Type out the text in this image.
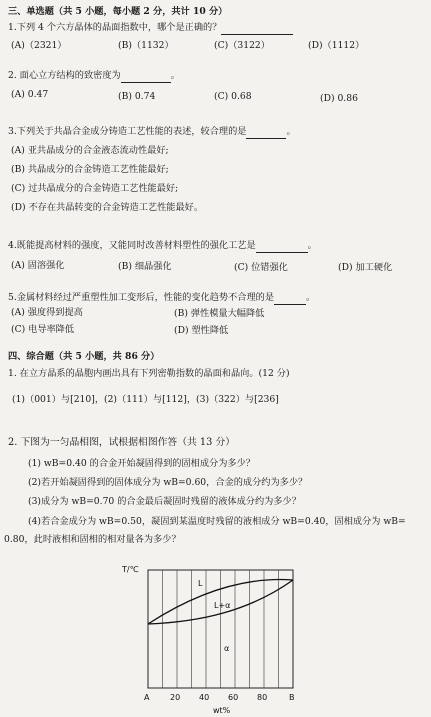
三、单选题（共 5 小题，每小题 2 分，共计 10 分）
1.下列 4 个六方晶体的晶面指数中，哪个是正确的？
(A)（2321）	(B)（1132）	(C)（3122）	(D)（1112）
2. 面心立方结构的致密度为	。
(A) 0.47	(B) 0.74	(C) 0.68	(D) 0.86
3.下列关于共晶合金成分铸造工艺性能的表述，较合理的是	。
(A) 亚共晶成分的合金液态流动性最好;
(B) 共晶成分的合金铸造工艺性能最好;
(C) 过共晶成分的合金铸造工艺性能最好;
(D) 不存在共晶转变的合金铸造工艺性能最好。
4.既能提高材料的强度，又能同时改善材料塑性的强化工艺是	。
(A) 固溶强化	(B) 细晶强化	(C) 位错强化	(D) 加工硬化
5.金属材料经过严重塑性加工变形后，性能的变化趋势不合理的是	。
(A) 强度得到提高	(B) 弹性模量大幅降低
(C) 电导率降低	(D) 塑性降低
四、综合题（共 5 小题，共 86 分）
1. 在立方晶系的晶胞内画出具有下列密勒指数的晶面和晶向。(12 分)
(1)（001）与[210]，(2)（111）与[112]，(3)（322）与[236]
2. 下图为一匀晶相图，试根据相图作答（共 13 分）
(1) wB=0.40 的合金开始凝固得到的固相成分为多少？
(2)若开始凝固得到的固体成分为 wB=0.60，合金的成分约为多少？
(3)成分为 wB=0.70 的合金最后凝固时残留的液体成分约为多少？
(4)若合金成分为 wB=0.50，凝固到某温度时残留的液相成分 wB=0.40，固相成分为 wB=
0.80，此时液相和固相的相对量各为多少？
T/℃
L
L+α
α
A	20 40 60 80	B
wt%
